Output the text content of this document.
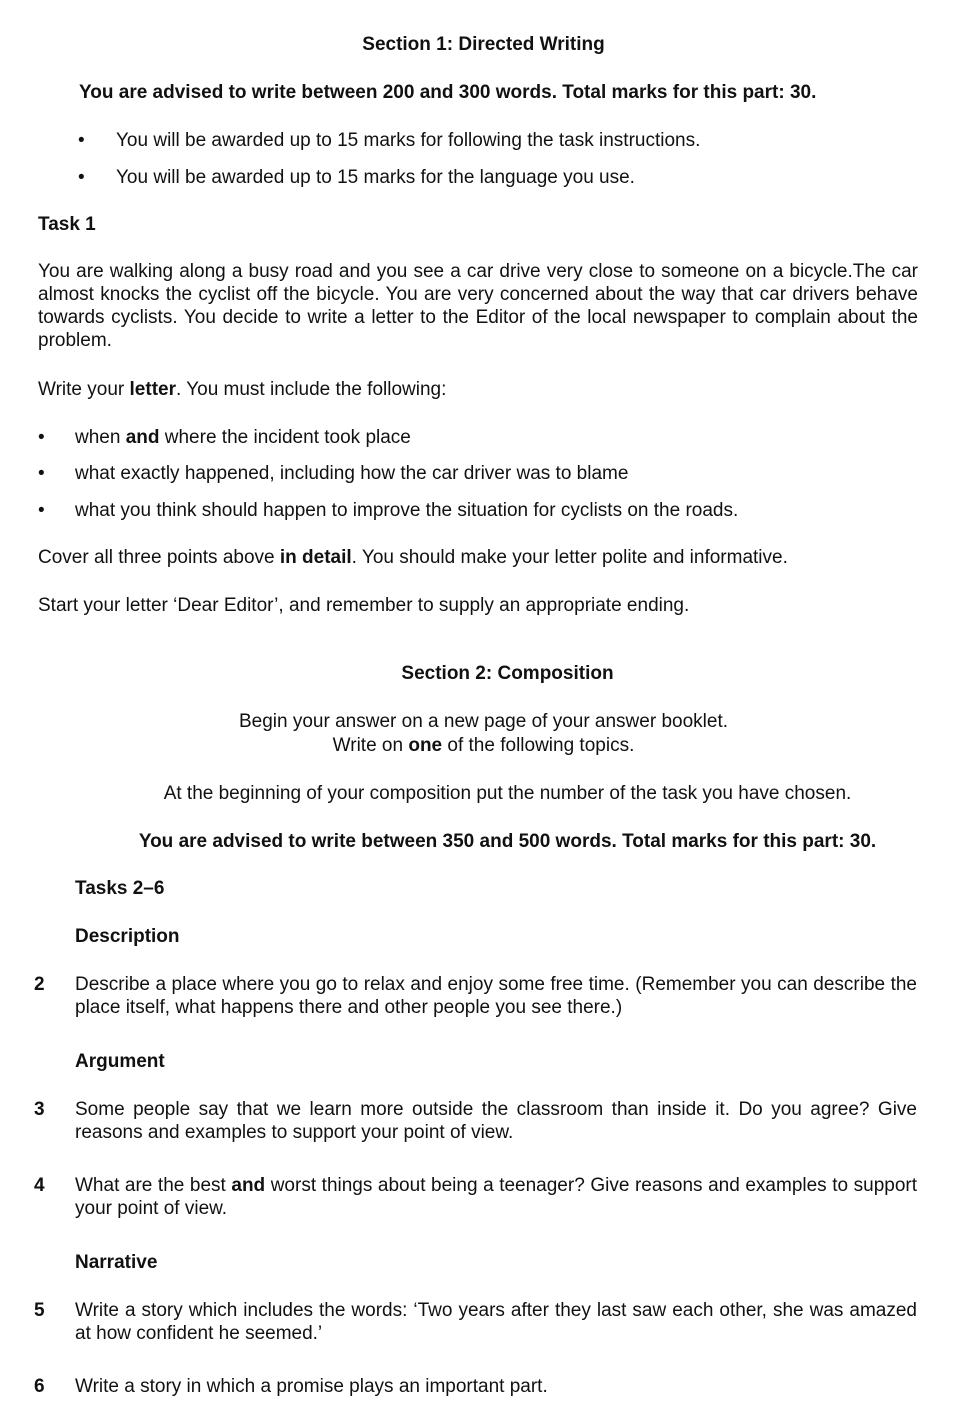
Section 1: Directed Writing
You are advised to write between 200 and 300 words. Total marks for this part: 30.
• You will be awarded up to 15 marks for following the task instructions.
• You will be awarded up to 15 marks for the language you use.
Task 1
You are walking along a busy road and you see a car drive very close to someone on a bicycle.The car almost knocks the cyclist off the bicycle. You are very concerned about the way that car drivers behave towards cyclists. You decide to write a letter to the Editor of the local newspaper to complain about the problem.
Write your letter. You must include the following:
• when and where the incident took place
• what exactly happened, including how the car driver was to blame
• what you think should happen to improve the situation for cyclists on the roads.
Cover all three points above in detail. You should make your letter polite and informative.
Start your letter ‘Dear Editor’, and remember to supply an appropriate ending.
Section 2: Composition
Begin your answer on a new page of your answer booklet.
Write on one of the following topics.
At the beginning of your composition put the number of the task you have chosen.
You are advised to write between 350 and 500 words. Total marks for this part: 30.
Tasks 2–6
Description
2 Describe a place where you go to relax and enjoy some free time. (Remember you can describe the place itself, what happens there and other people you see there.)
Argument
3 Some people say that we learn more outside the classroom than inside it. Do you agree? Give reasons and examples to support your point of view.
4 What are the best and worst things about being a teenager? Give reasons and examples to support your point of view.
Narrative
5 Write a story which includes the words: ‘Two years after they last saw each other, she was amazed at how confident he seemed.’
6 Write a story in which a promise plays an important part.
